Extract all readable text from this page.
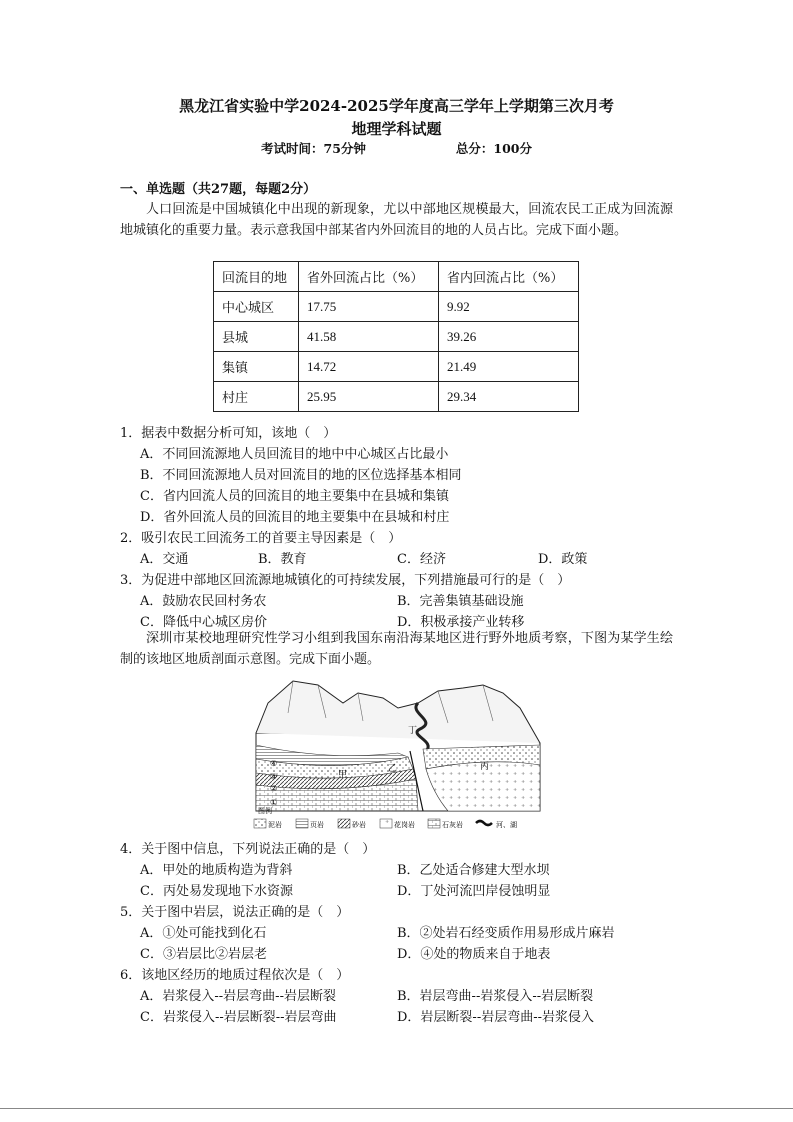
黑龙江省实验中学2024-2025学年度高三学年上学期第三次月考
地理学科试题
考试时间：75分钟	总分：100分
一、单选题（共27题，每题2分）
人口回流是中国城镇化中出现的新现象，尤以中部地区规模最大，回流农民工正成为回流源地城镇化的重要力量。表示意我国中部某省内外回流目的地的人员占比。完成下面小题。
回流目的地	省外回流占比（%）	省内回流占比（%）
中心城区	17.75	9.92
县城	41.58	39.26
集镇	14.72	21.49
村庄	25.95	29.34
1．据表中数据分析可知，该地（　）
A．不同回流源地人员回流目的地中中心城区占比最小
B．不同回流源地人员对回流目的地的区位选择基本相同
C．省内回流人员的回流目的地主要集中在县城和集镇
D．省外回流人员的回流目的地主要集中在县城和村庄
2．吸引农民工回流务工的首要主导因素是（　）
A．交通	B．教育	C．经济	D．政策
3．为促进中部地区回流源地城镇化的可持续发展，下列措施最可行的是（　）
A．鼓励农民回村务农	B．完善集镇基础设施
C．降低中心城区房价	D．积极承接产业转移
深圳市某校地理研究性学习小组到我国东南沿海某地区进行野外地质考察，下图为某学生绘制的该地区地质剖面示意图。完成下面小题。
丁
④
③
②
①
甲
乙	丙
图例
泥岩	页岩	砂岩	花岗岩	石灰岩	河、湖
4．关于图中信息，下列说法正确的是（　）
A．甲处的地质构造为背斜	B．乙处适合修建大型水坝
C．丙处易发现地下水资源	D．丁处河流凹岸侵蚀明显
5．关于图中岩层，说法正确的是（　）
A．①处可能找到化石	B．②处岩石经变质作用易形成片麻岩
C．③岩层比②岩层老	D．④处的物质来自于地表
6．该地区经历的地质过程依次是（　）
A．岩浆侵入--岩层弯曲--岩层断裂	B．岩层弯曲--岩浆侵入--岩层断裂
C．岩浆侵入--岩层断裂--岩层弯曲	D．岩层断裂--岩层弯曲--岩浆侵入
